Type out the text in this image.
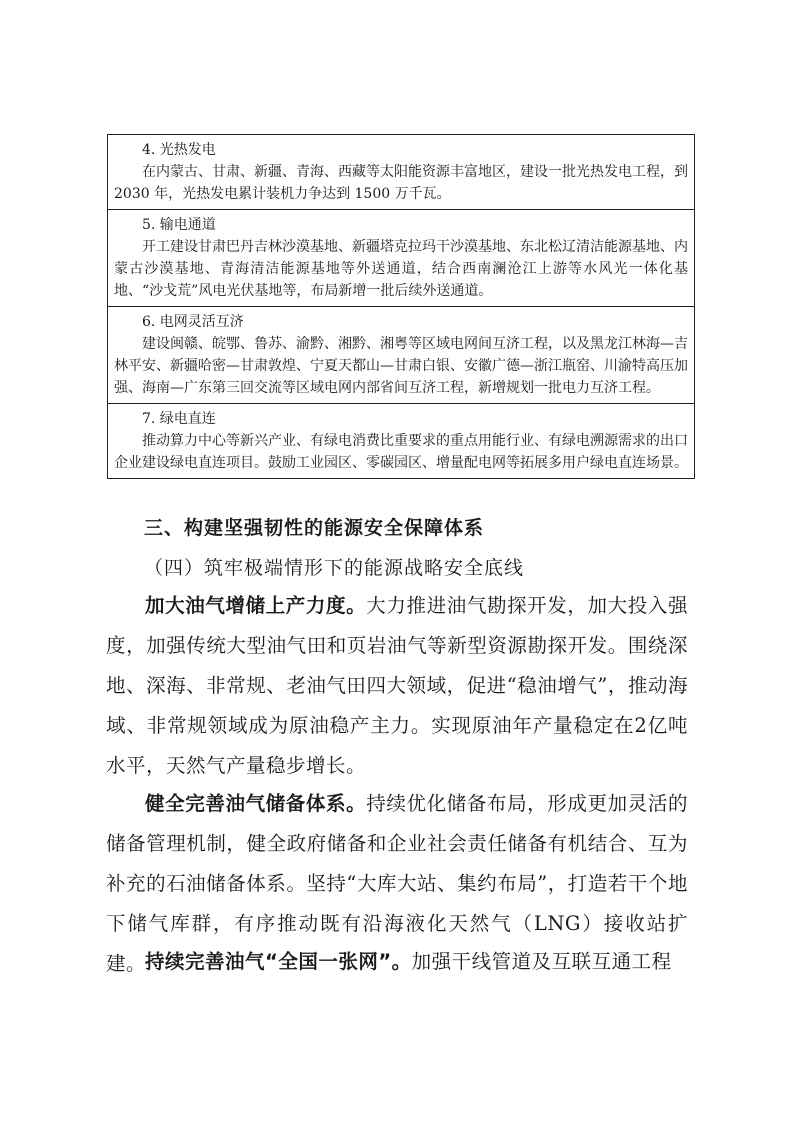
4. 光热发电
在内蒙古、甘肃、新疆、青海、西藏等太阳能资源丰富地区，建设一批光热发电工程，到 2030 年，光热发电累计装机力争达到 1500 万千瓦。

5. 输电通道
开工建设甘肃巴丹吉林沙漠基地、新疆塔克拉玛干沙漠基地、东北松辽清洁能源基地、内蒙古沙漠基地、青海清洁能源基地等外送通道，结合西南澜沧江上游等水风光一体化基地、“沙戈荒”风电光伏基地等，布局新增一批后续外送通道。

6. 电网灵活互济
建设闽赣、皖鄂、鲁苏、渝黔、湘黔、湘粤等区域电网间互济工程，以及黑龙江林海—吉林平安、新疆哈密—甘肃敦煌、宁夏天都山—甘肃白银、安徽广德—浙江瓶窑、川渝特高压加强、海南—广东第三回交流等区域电网内部省间互济工程，新增规划一批电力互济工程。

7. 绿电直连
推动算力中心等新兴产业、有绿电消费比重要求的重点用能行业、有绿电溯源需求的出口企业建设绿电直连项目。鼓励工业园区、零碳园区、增量配电网等拓展多用户绿电直连场景。
三、构建坚强韧性的能源安全保障体系
（四）筑牢极端情形下的能源战略安全底线

加大油气增储上产力度。大力推进油气勘探开发，加大投入强度，加强传统大型油气田和页岩油气等新型资源勘探开发。围绕深地、深海、非常规、老油气田四大领域，促进“稳油增气”，推动海域、非常规领域成为原油稳产主力。实现原油年产量稳定在2亿吨水平，天然气产量稳步增长。

健全完善油气储备体系。持续优化储备布局，形成更加灵活的储备管理机制，健全政府储备和企业社会责任储备有机结合、互为补充的石油储备体系。坚持“大库大站、集约布局”，打造若干个地下储气库群，有序推动既有沿海液化天然气（LNG）接收站扩建。

持续完善油气“全国一张网”。加强干线管道及互联互通工程
